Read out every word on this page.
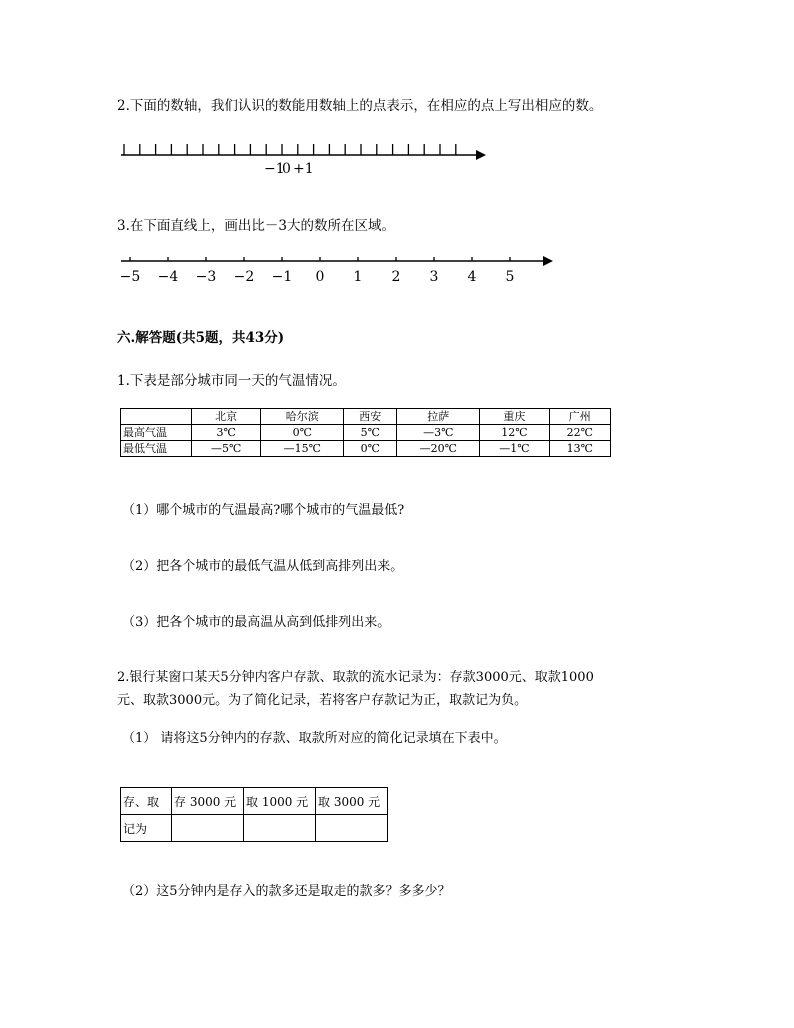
2.下面的数轴，我们认识的数能用数轴上的点表示，在相应的点上写出相应的数。
−1
0 +1
3.在下面直线上，画出比－3大的数所在区域。
−5 −4 −3 −2 −1 0 1 2 3 4 5
六.解答题(共5题，共43分)
1.下表是部分城市同一天的气温情况。
	北京	哈尔滨	西安	拉萨	重庆	广州
最高气温	3℃	0℃	5℃	—3℃	12℃	22℃
最低气温	—5℃	—15℃	0℃	—20℃	—1℃	13℃
（1）哪个城市的气温最高?哪个城市的气温最低?
（2）把各个城市的最低气温从低到高排列出来。
（3）把各个城市的最高温从高到低排列出来。
2.银行某窗口某天5分钟内客户存款、取款的流水记录为：存款3000元、取款1000
元、取款3000元。为了简化记录，若将客户存款记为正，取款记为负。
（1） 请将这5分钟内的存款、取款所对应的简化记录填在下表中。
存、取	存 3000 元	取 1000 元	取 3000 元
记为			
（2）这5分钟内是存入的款多还是取走的款多？多多少？
